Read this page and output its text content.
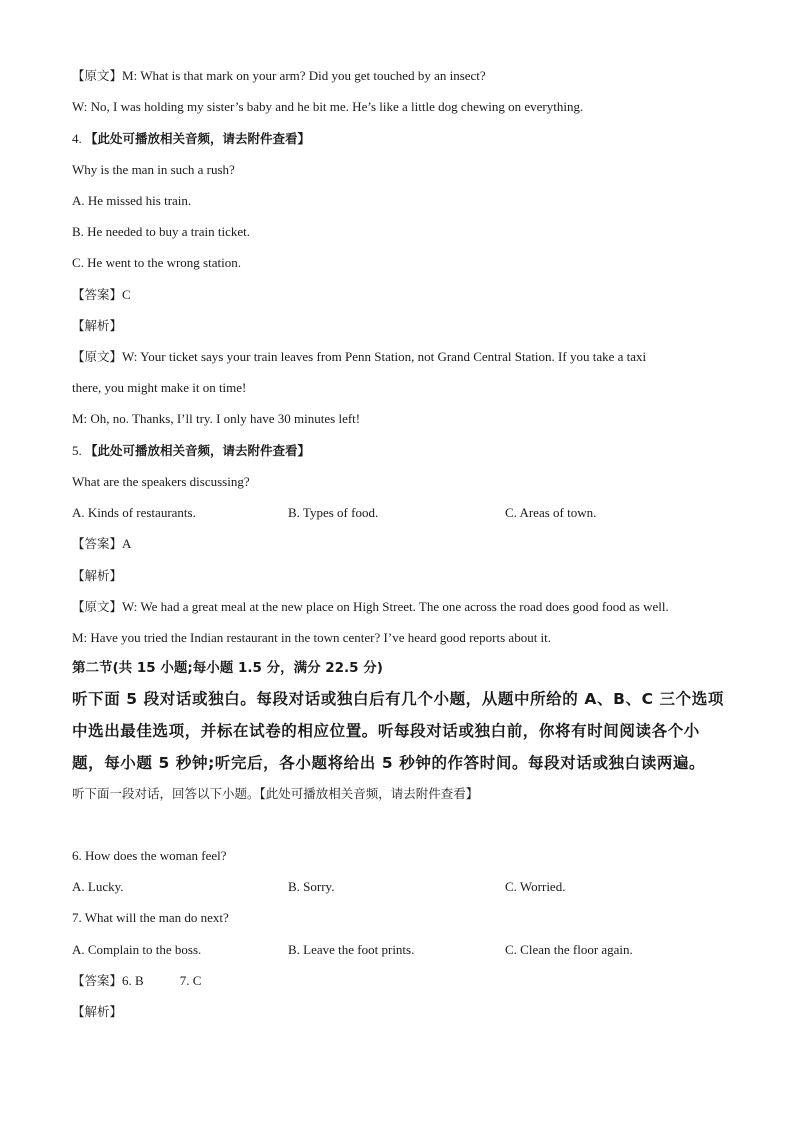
【原文】M: What is that mark on your arm? Did you get touched by an insect?
W: No, I was holding my sister’s baby and he bit me. He’s like a little dog chewing on everything.
4. 【此处可播放相关音频，请去附件查看】
Why is the man in such a rush?
A. He missed his train.
B. He needed to buy a train ticket.
C. He went to the wrong station.
【答案】C
【解析】
【原文】W: Your ticket says your train leaves from Penn Station, not Grand Central Station. If you take a taxi
there, you might make it on time!
M: Oh, no. Thanks, I’ll try. I only have 30 minutes left!
5. 【此处可播放相关音频，请去附件查看】
What are the speakers discussing?
A. Kinds of restaurants.	B. Types of food.	C. Areas of town.
【答案】A
【解析】
【原文】W: We had a great meal at the new place on High Street. The one across the road does good food as well.
M: Have you tried the Indian restaurant in the town center? I’ve heard good reports about it.
第二节(共 15 小题;每小题 1.5 分，满分 22.5 分)
听下面 5 段对话或独白。每段对话或独白后有几个小题，从题中所给的 A、B、C 三个选项
中选出最佳选项，并标在试卷的相应位置。听每段对话或独白前，你将有时间阅读各个小
题，每小题 5 秒钟;听完后，各小题将给出 5 秒钟的作答时间。每段对话或独白读两遍。
听下面一段对话，回答以下小题。【此处可播放相关音频，请去附件查看】
6. How does the woman feel?
A. Lucky.	B. Sorry.	C. Worried.
7. What will the man do next?
A. Complain to the boss.	B. Leave the foot prints.	C. Clean the floor again.
【答案】6. B	7. C
【解析】
